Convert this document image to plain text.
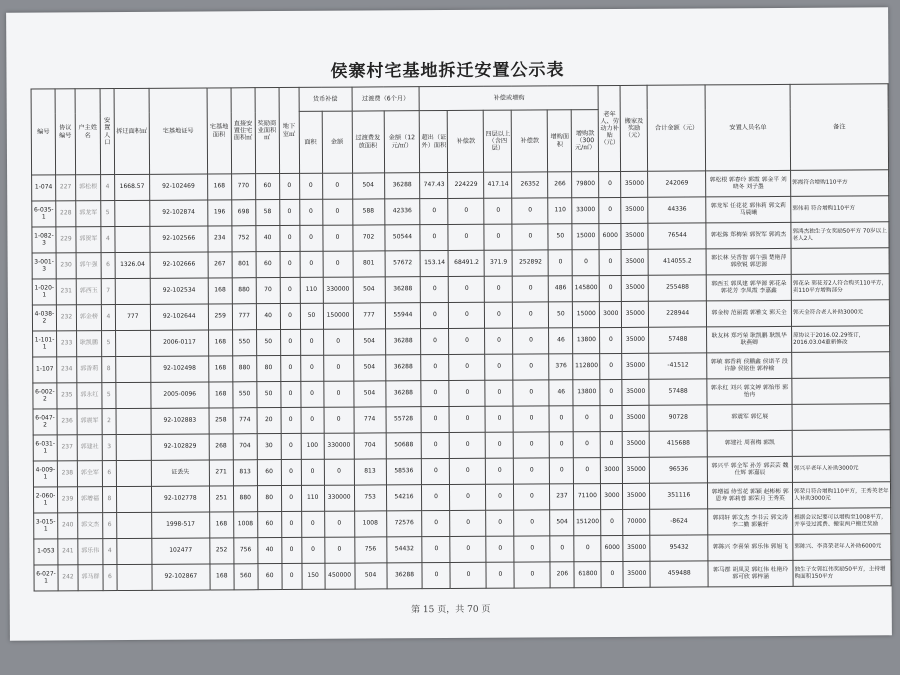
侯寨村宅基地拆迁安置公示表
编号	协议编号	户主姓名	安置人口	拆迁面积㎡	宅基地证号	宅基地面积	直接安置住宅面积㎡	奖励商业面积㎡	地下室㎡	货币补偿		过渡费（6个月）		补偿或增购						老年人、劳动力补贴（元）	搬家及奖励（元）	合计金额（元）	安置人员名单	备注
										面积	金额	过渡费发放面积	金额（12元/㎡）	超出（证外）面积	补偿款	四层以上（含四层）	补偿款	增购面积	增购款（300元/㎡）					
1-074	227	郭松根	4	1668.57	92-102469	168	770	60	0	0	0	504	36288	747.43	224229	417.14	26352	266	79800	0	35000	242069	郭松根 郭春玲 郭霞 郭金平 刘晓冬 刘子墨	郭霞符合增购110平方
6-035-1	228	郭龙军	5		92-102874	196	698	58	0	0	0	588	42336	0	0	0	0	110	33000	0	35000	44336	郭龙军 任花花 郭伟莉 郭文莉 马晨曦	郭伟莉 符合增购110平方
1-082-3	229	郭贺军	4		92-102566	234	752	40	0	0	0	702	50544	0	0	0	0	50	15000	6000	35000	76544	郭松陈 郑梅荣 郭贺军 郭鸿杰	郭鸿杰独生子女奖励50平方 70岁以上老人2人
3-001-3	230	郭午强	6	1326.04	92-102666	267	801	60	0	0	0	801	57672	153.14	68491.2	371.9	252892	0	0	0	35000	414055.2	郭长林 吴香智 郭午强 楚艳萍 郭欣锐 郭思源	
1-020-1	231	郭西玉	7		92-102534	168	880	70	0	110	330000	504	36288	0	0	0	0	486	145800	0	35000	255488	郭西玉 郭凤建 郭华源 郭花朵 郭花芳 李凤霞 李嘉鑫	郭花朵 郭花芳2人符合购买110平方，卖110平方增购部分
4-038-2	232	郭金榜	4	777	92-102644	259	777	40	0	50	150000	777	55944	0	0	0	0	50	15000	3000	35000	228944	郭金榜 范丽霞 郭雅文 郭天全	郭天全符合老人补助3000元
1-101-1	233	耿凯鹏	5		2006-0117	168	550	50	0	0	0	504	36288	0	0	0	0	46	13800	0	35000	57488	耿友林 郑巧荣 耿凯鹏 耿凯华 耿燕卿	原协议于2016.02.29签订，2016.03.04重新修改
1-107	234	郭香莉	8		92-102498	168	880	80	0	0	0	504	36288	0	0	0	0	376	112800	0	35000	-41512	郭敏 郭香莉 侯鹏鑫 侯诺芊 段许静 侯铭佳 郭梓榆	
6-002-2	235	郭永红	5		2005-0096	168	550	50	0	0	0	504	36288	0	0	0	0	46	13800	0	35000	57488	郭永红 刘兴 郭文婷 郭怡彤 郭怡冉	
6-047-2	236	郭震军	2		92-102883	258	774	20	0	0	0	774	55728	0	0	0	0	0	0	0	35000	90728	郭震军 郭忆展	
6-031-1	237	郭建社	3		92-102829	268	704	30	0	100	330000	704	50688	0	0	0	0	0	0	0	35000	415688	郭建社 周喜梅 郭凯	
4-009-1	238	郭全军	6		证丢失	271	813	60	0	0	0	813	58536	0	0	0	0	0	0	3000	35000	96536	郭兴平 郭全军 孙芳 郭芸芸 魏仕辉 郭嘉辰	郭兴平老年人补助3000元
2-060-1	239	郭增福	8		92-102778	251	880	80	0	110	330000	753	54216	0	0	0	0	237	71100	3000	35000	351116	郭增福 侍雪花 郭颖 赵彬彬 郭恩寿 郭莉蓉 郭荣月 王秀英	郭荣月符合增购110平方，王秀英老年人补助3000元
3-015-1	240	郭文杰	6		1998-517	168	1008	60	0	0	0	1008	72576	0	0	0	0	504	151200	0	70000	-8624	郭同轩 郭文杰 李书云 郭文涛 李二勤 郭紫轩	根据会议纪要可以增购至1008平方，并享受过渡费、搬家两户搬迁奖励
1-053	241	郭乐伟	4		102477	252	756	40	0	0	0	756	54432	0	0	0	0	0	0	6000	35000	95432	郭陈兴 李喜荣 郭乐伟 郭旭飞	郭陈兴、李喜荣老年人补助6000元
6-027-1	242	郭马群	6		92-102867	168	560	60	0	150	450000	504	36288	0	0	0	0	206	61800	0	35000	459488	郭马群 胡凤灵 郭红伟 杜艳玲 郭可欣 郭梓涵	独生子女郭红伟奖励50平方，主持增购面积150平方
第 15 页，共 70 页
